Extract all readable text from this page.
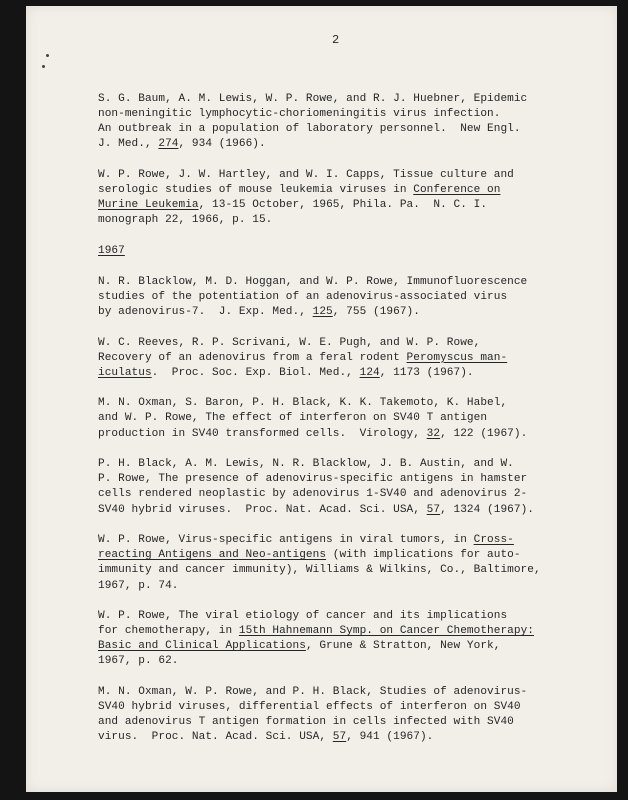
2
S. G. Baum, A. M. Lewis, W. P. Rowe, and R. J. Huebner, Epidemic
non-meningitic lymphocytic-choriomeningitis virus infection.
An outbreak in a population of laboratory personnel.  New Engl.
J. Med., 274, 934 (1966).
W. P. Rowe, J. W. Hartley, and W. I. Capps, Tissue culture and
serologic studies of mouse leukemia viruses in Conference on
Murine Leukemia, 13-15 October, 1965, Phila. Pa.  N. C. I.
monograph 22, 1966, p. 15.
1967
N. R. Blacklow, M. D. Hoggan, and W. P. Rowe, Immunofluorescence
studies of the potentiation of an adenovirus-associated virus
by adenovirus-7.  J. Exp. Med., 125, 755 (1967).
W. C. Reeves, R. P. Scrivani, W. E. Pugh, and W. P. Rowe,
Recovery of an adenovirus from a feral rodent Peromyscus man-
iculatus.  Proc. Soc. Exp. Biol. Med., 124, 1173 (1967).
M. N. Oxman, S. Baron, P. H. Black, K. K. Takemoto, K. Habel,
and W. P. Rowe, The effect of interferon on SV40 T antigen
production in SV40 transformed cells.  Virology, 32, 122 (1967).
P. H. Black, A. M. Lewis, N. R. Blacklow, J. B. Austin, and W.
P. Rowe, The presence of adenovirus-specific antigens in hamster
cells rendered neoplastic by adenovirus 1-SV40 and adenovirus 2-
SV40 hybrid viruses.  Proc. Nat. Acad. Sci. USA, 57, 1324 (1967).
W. P. Rowe, Virus-specific antigens in viral tumors, in Cross-
reacting Antigens and Neo-antigens (with implications for auto-
immunity and cancer immunity), Williams & Wilkins, Co., Baltimore,
1967, p. 74.
W. P. Rowe, The viral etiology of cancer and its implications
for chemotherapy, in 15th Hahnemann Symp. on Cancer Chemotherapy:
Basic and Clinical Applications, Grune & Stratton, New York,
1967, p. 62.
M. N. Oxman, W. P. Rowe, and P. H. Black, Studies of adenovirus-
SV40 hybrid viruses, differential effects of interferon on SV40
and adenovirus T antigen formation in cells infected with SV40
virus.  Proc. Nat. Acad. Sci. USA, 57, 941 (1967).
